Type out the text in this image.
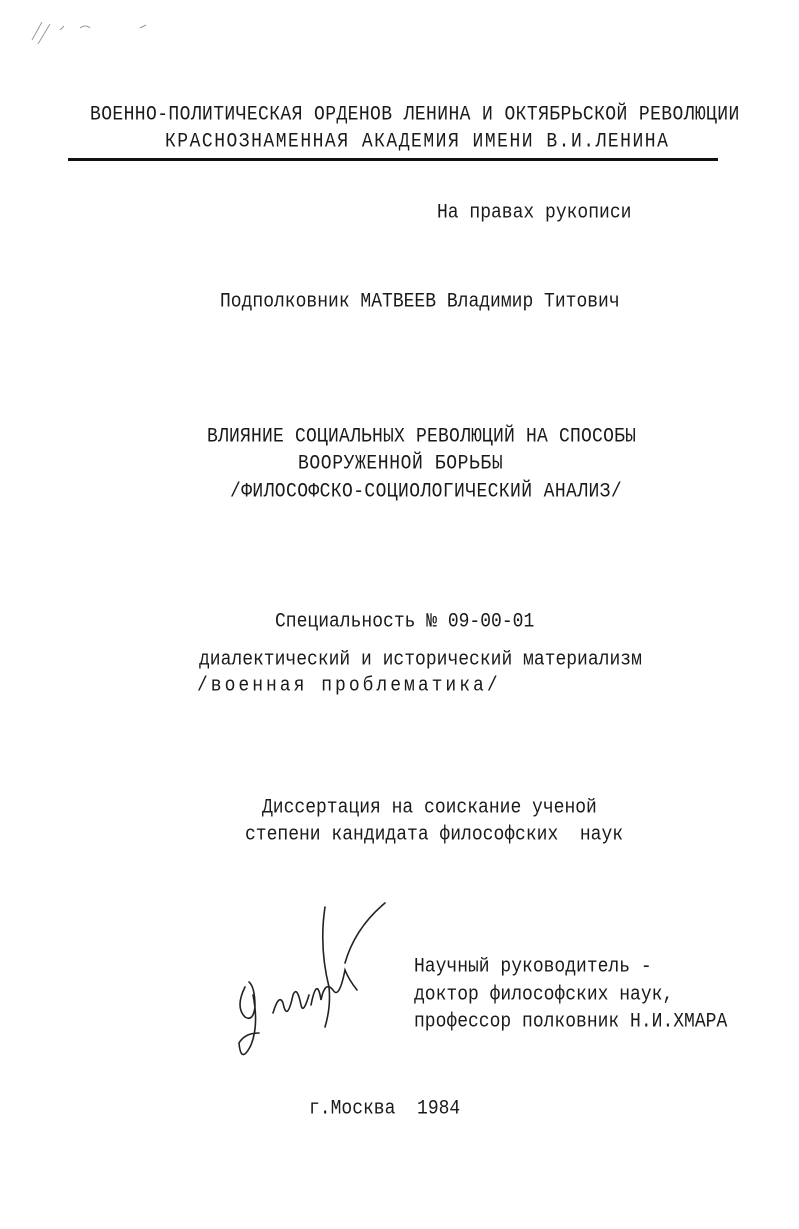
ВОЕННО-ПОЛИТИЧЕСКАЯ ОРДЕНОВ ЛЕНИНА И ОКТЯБРЬСКОЙ РЕВОЛЮЦИИ
КРАСНОЗНАМЕННАЯ АКАДЕМИЯ ИМЕНИ В.И.ЛЕНИНА
На правах рукописи
Подполковник МАТВЕЕВ Владимир Титович
ВЛИЯНИЕ СОЦИАЛЬНЫХ РЕВОЛЮЦИЙ НА СПОСОБЫ
ВООРУЖЕННОЙ БОРЬБЫ
/ФИЛОСОФСКО-СОЦИОЛОГИЧЕСКИЙ АНАЛИЗ/
Специальность № 09-00-01
диалектический и исторический материализм
/военная проблематика/
Диссертация на соискание ученой
степени кандидата философских  наук
Научный руководитель -
доктор философских наук,
профессор полковник Н.И.ХМАРА
г.Москва  1984
